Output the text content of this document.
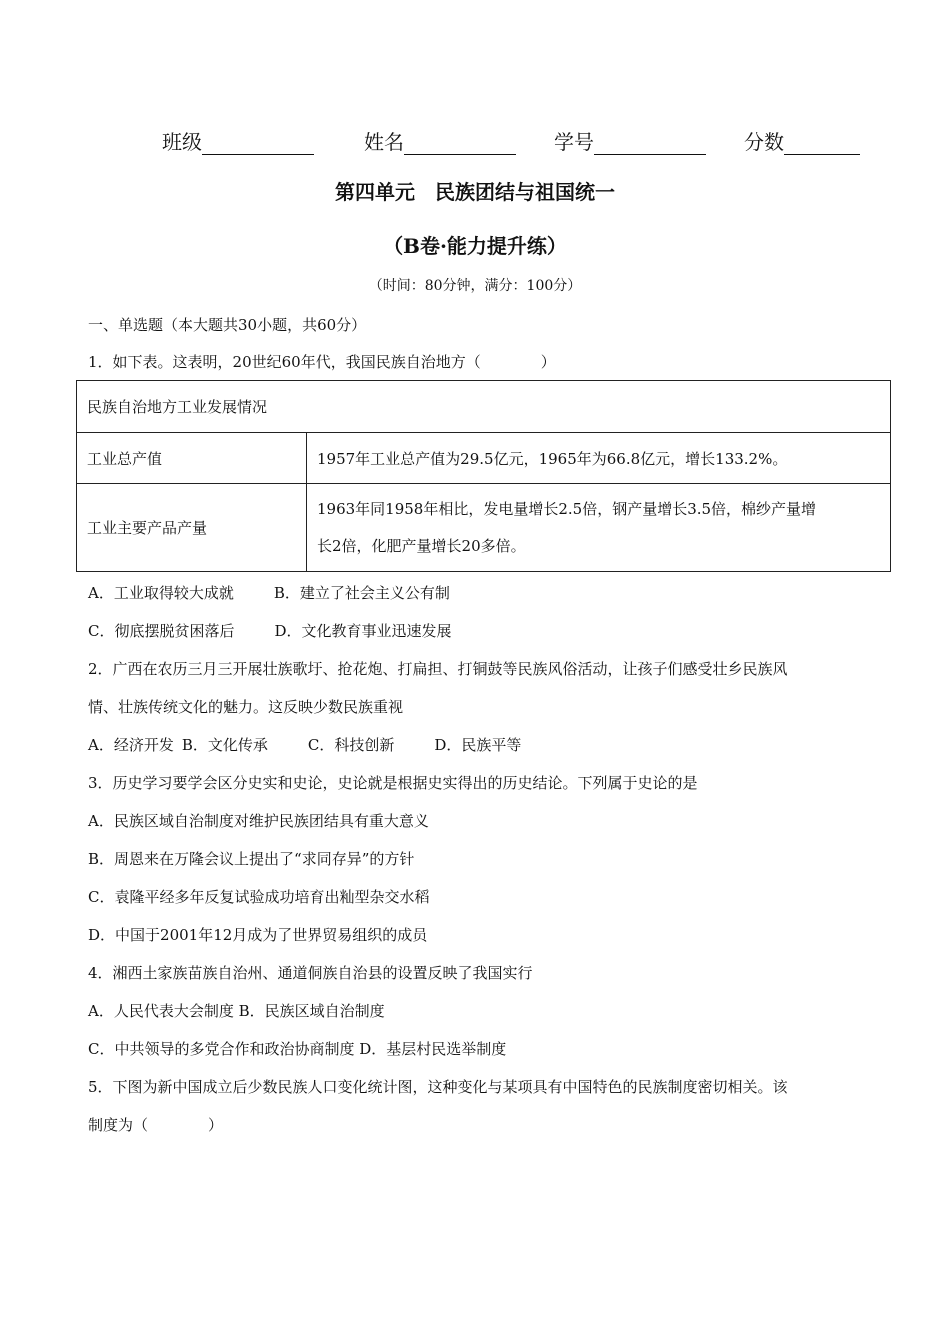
班级	姓名	学号	分数
第四单元　民族团结与祖国统一
（B卷·能力提升练）
（时间：80分钟，满分：100分）
一、单选题（本大题共30小题，共60分）
1．如下表。这表明，20世纪60年代，我国民族自治地方（　　　　）
民族自治地方工业发展情况	
工业总产值	1957年工业总产值为29.5亿元，1965年为66.8亿元，增长133.2%。
工业主要产品产量	1963年同1958年相比，发电量增长2.5倍，钢产量增长3.5倍，棉纱产量增
长2倍，化肥产量增长20多倍。
A．工业取得较大成就	B．建立了社会主义公有制
C．彻底摆脱贫困落后	D．文化教育事业迅速发展
2．广西在农历三月三开展壮族歌圩、抢花炮、打扁担、打铜鼓等民族风俗活动，让孩子们感受壮乡民族风
情、壮族传统文化的魅力。这反映少数民族重视
A．经济开发 B．文化传承	C．科技创新	D．民族平等
3．历史学习要学会区分史实和史论，史论就是根据史实得出的历史结论。下列属于史论的是
A．民族区域自治制度对维护民族团结具有重大意义
B．周恩来在万隆会议上提出了“求同存异”的方针
C．袁隆平经多年反复试验成功培育出籼型杂交水稻
D．中国于2001年12月成为了世界贸易组织的成员
4．湘西土家族苗族自治州、通道侗族自治县的设置反映了我国实行
A．人民代表大会制度 B．民族区域自治制度
C．中共领导的多党合作和政治协商制度 D．基层村民选举制度
5．下图为新中国成立后少数民族人口变化统计图，这种变化与某项具有中国特色的民族制度密切相关。该
制度为（　　　　）
